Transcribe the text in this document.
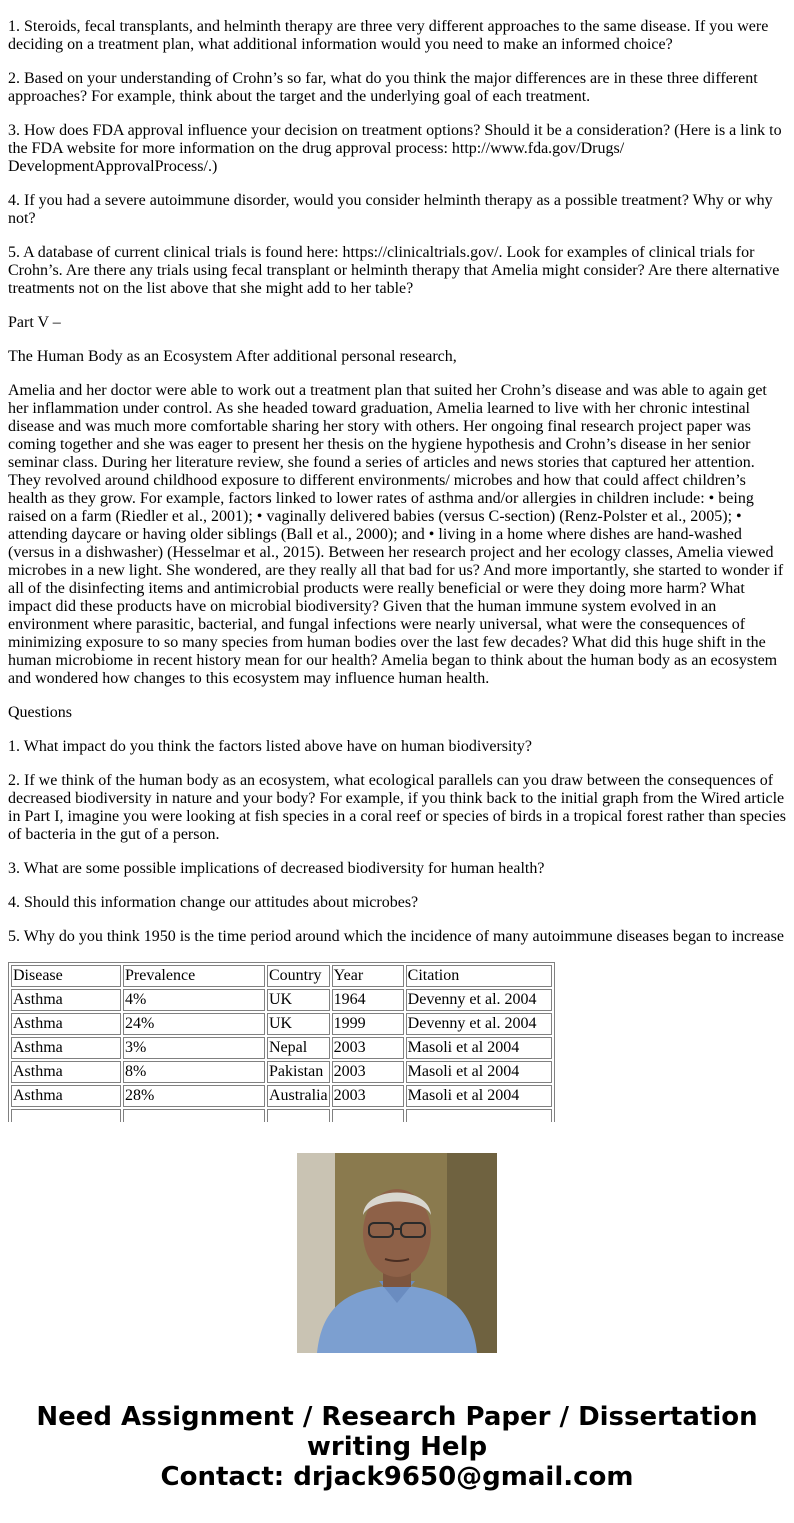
1. Steroids, fecal transplants, and helminth therapy are three very different approaches to the same disease. If you were deciding on a treatment plan, what additional information would you need to make an informed choice?

2. Based on your understanding of Crohn’s so far, what do you think the major differences are in these three different approaches? For example, think about the target and the underlying goal of each treatment.

3. How does FDA approval influence your decision on treatment options? Should it be a consideration? (Here is a link to the FDA website for more information on the drug approval process: http://www.fda.gov/Drugs/ DevelopmentApprovalProcess/.)

4. If you had a severe autoimmune disorder, would you consider helminth therapy as a possible treatment? Why or why not?

5. A database of current clinical trials is found here: https://clinicaltrials.gov/. Look for examples of clinical trials for Crohn’s. Are there any trials using fecal transplant or helminth therapy that Amelia might consider? Are there alternative treatments not on the list above that she might add to her table?

Part V –

The Human Body as an Ecosystem After additional personal research,

Amelia and her doctor were able to work out a treatment plan that suited her Crohn’s disease and was able to again get her inflammation under control. As she headed toward graduation, Amelia learned to live with her chronic intestinal disease and was much more comfortable sharing her story with others. Her ongoing final research project paper was coming together and she was eager to present her thesis on the hygiene hypothesis and Crohn’s disease in her senior seminar class. During her literature review, she found a series of articles and news stories that captured her attention. They revolved around childhood exposure to different environments/ microbes and how that could affect children’s health as they grow. For example, factors linked to lower rates of asthma and/or allergies in children include: • being raised on a farm (Riedler et al., 2001); • vaginally delivered babies (versus C-section) (Renz-Polster et al., 2005); • attending daycare or having older siblings (Ball et al., 2000); and • living in a home where dishes are hand-washed (versus in a dishwasher) (Hesselmar et al., 2015). Between her research project and her ecology classes, Amelia viewed microbes in a new light. She wondered, are they really all that bad for us? And more importantly, she started to wonder if all of the disinfecting items and antimicrobial products were really beneficial or were they doing more harm? What impact did these products have on microbial biodiversity? Given that the human immune system evolved in an environment where parasitic, bacterial, and fungal infections were nearly universal, what were the consequences of minimizing exposure to so many species from human bodies over the last few decades? What did this huge shift in the human microbiome in recent history mean for our health? Amelia began to think about the human body as an ecosystem and wondered how changes to this ecosystem may influence human health.

Questions

1. What impact do you think the factors listed above have on human biodiversity?

2. If we think of the human body as an ecosystem, what ecological parallels can you draw between the consequences of decreased biodiversity in nature and your body? For example, if you think back to the initial graph from the Wired article in Part I, imagine you were looking at fish species in a coral reef or species of birds in a tropical forest rather than species of bacteria in the gut of a person.

3. What are some possible implications of decreased biodiversity for human health?

4. Should this information change our attitudes about microbes?

5. Why do you think 1950 is the time period around which the incidence of many autoimmune diseases began to increase

Disease	Prevalence	Country	Year	Citation
Asthma	4%	UK	1964	Devenny et al. 2004
Asthma	24%	UK	1999	Devenny et al. 2004
Asthma	3%	Nepal	2003	Masoli et al 2004
Asthma	8%	Pakistan	2003	Masoli et al 2004
Asthma	28%	Australia	2003	Masoli et al 2004

Need Assignment / Research Paper / Dissertation
writing Help
Contact: drjack9650@gmail.com
